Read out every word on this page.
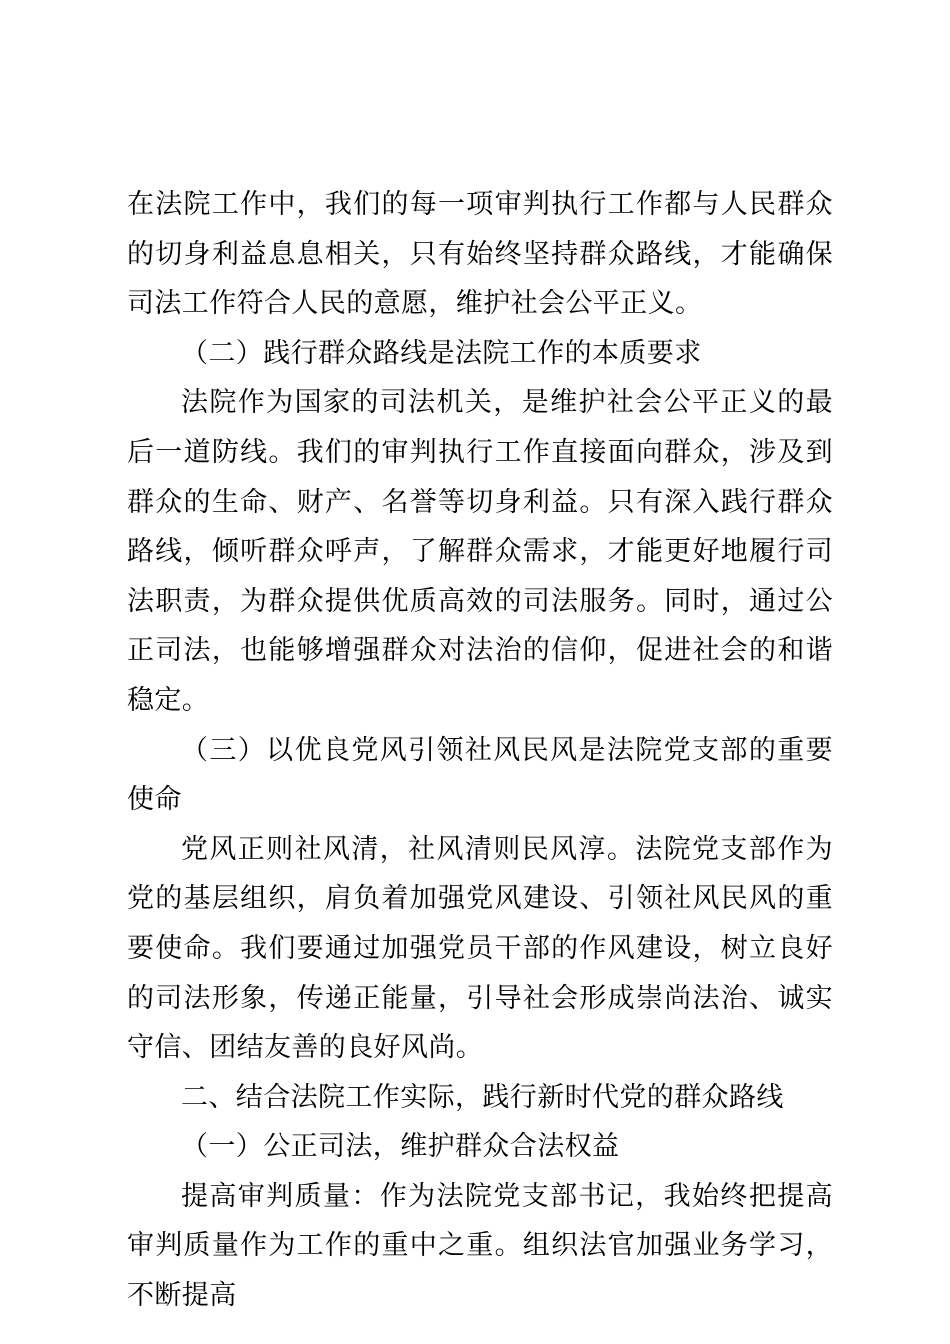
在法院工作中，我们的每一项审判执行工作都与人民群众的切身利益息息相关，只有始终坚持群众路线，才能确保司法工作符合人民的意愿，维护社会公平正义。

（二）践行群众路线是法院工作的本质要求

法院作为国家的司法机关，是维护社会公平正义的最后一道防线。我们的审判执行工作直接面向群众，涉及到群众的生命、财产、名誉等切身利益。只有深入践行群众路线，倾听群众呼声，了解群众需求，才能更好地履行司法职责，为群众提供优质高效的司法服务。同时，通过公正司法，也能够增强群众对法治的信仰，促进社会的和谐稳定。

（三）以优良党风引领社风民风是法院党支部的重要使命

党风正则社风清，社风清则民风淳。法院党支部作为党的基层组织，肩负着加强党风建设、引领社风民风的重要使命。我们要通过加强党员干部的作风建设，树立良好的司法形象，传递正能量，引导社会形成崇尚法治、诚实守信、团结友善的良好风尚。

二、结合法院工作实际，践行新时代党的群众路线

（一）公正司法，维护群众合法权益

提高审判质量：作为法院党支部书记，我始终把提高审判质量作为工作的重中之重。组织法官加强业务学习，不断提高
